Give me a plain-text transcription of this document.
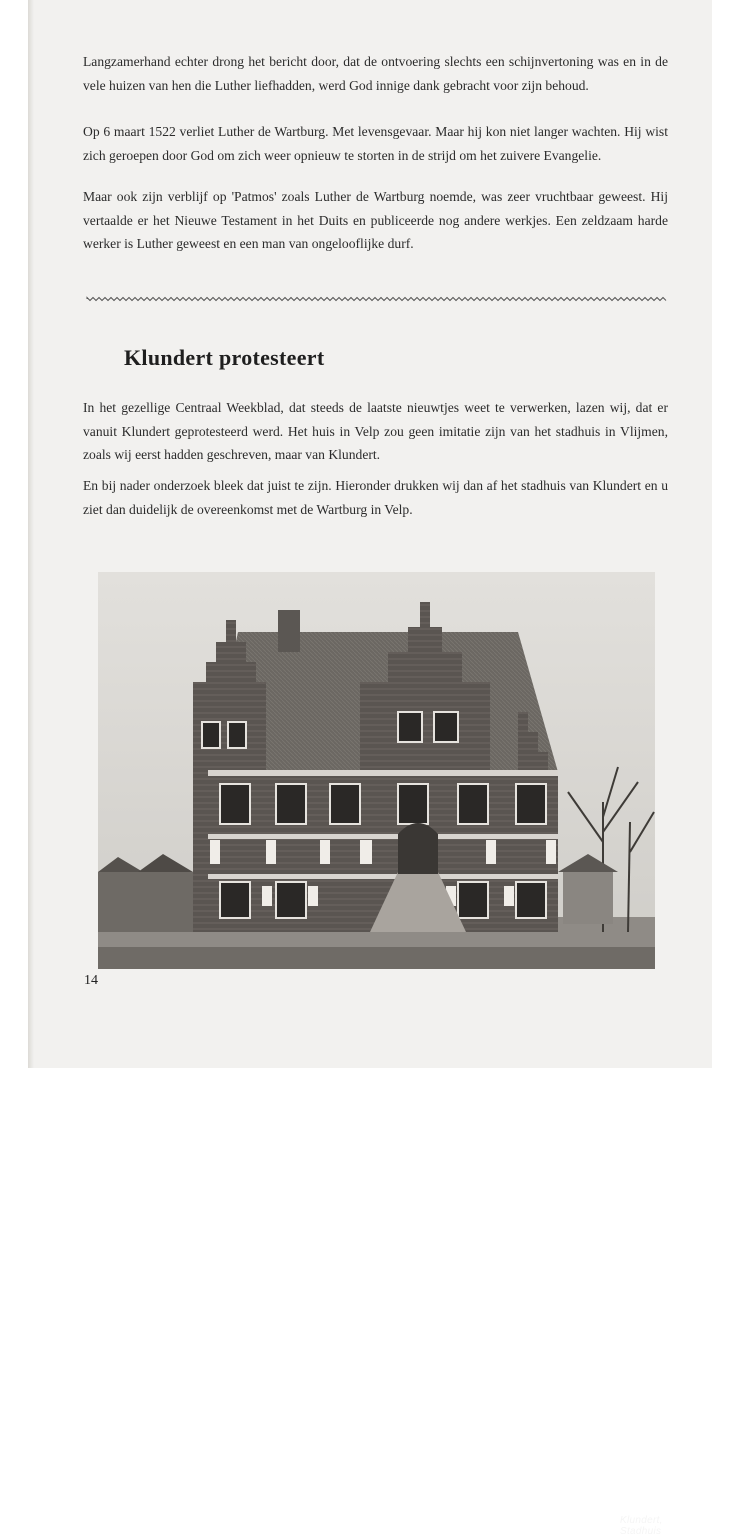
Langzamerhand echter drong het bericht door, dat de ontvoering slechts een schijnvertoning was en in de vele huizen van hen die Luther liefhadden, werd God innige dank gebracht voor zijn behoud.

Op 6 maart 1522 verliet Luther de Wartburg. Met levensgevaar. Maar hij kon niet langer wachten. Hij wist zich geroepen door God om zich weer opnieuw te storten in de strijd om het zuivere Evangelie.

Maar ook zijn verblijf op 'Patmos' zoals Luther de Wartburg noemde, was zeer vruchtbaar geweest. Hij vertaalde er het Nieuwe Testament in het Duits en publiceerde nog andere werkjes. Een zeldzaam harde werker is Luther geweest en een man van ongelooflijke durf.

Klundert protesteert

In het gezellige Centraal Weekblad, dat steeds de laatste nieuwtjes weet te verwerken, lazen wij, dat er vanuit Klundert geprotesteerd werd. Het huis in Velp zou geen imitatie zijn van het stadhuis in Vlijmen, zoals wij eerst hadden geschreven, maar van Klundert.

En bij nader onderzoek bleek dat juist te zijn. Hieronder drukken wij dan af het stadhuis van Klundert en u ziet dan duidelijk de overeenkomst met de Wartburg in Velp.

Klundert, Stadhuis
14
